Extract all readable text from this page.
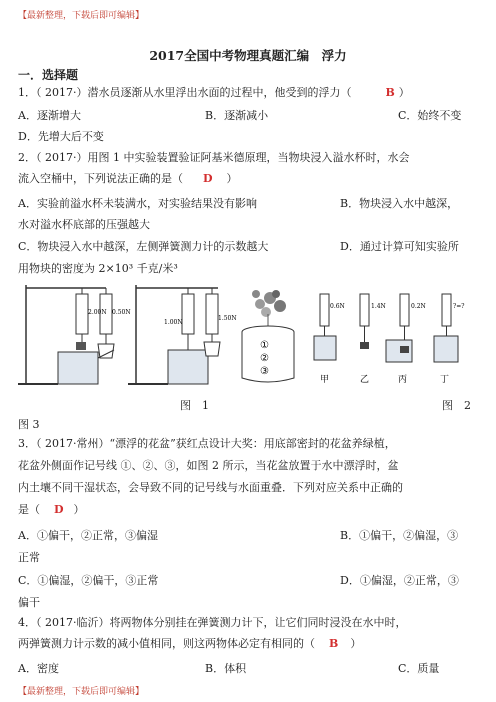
【最新整理，下载后即可编辑】
2017全国中考物理真题汇编　浮力
一．选择题
1．（ 2017·）潜水员逐渐从水里浮出水面的过程中，他受到的浮力（	B ）
A．逐渐增大	B．逐渐减小	C．始终不变
D．先增大后不变
2．（ 2017·）用图 1 中实验装置验证阿基米德原理，当物块浸入溢水杯时，水会
流入空桶中，下列说法正确的是（ D ）
A．实验前溢水杯未装满水，对实验结果没有影响	B．物块浸入水中越深，
水对溢水杯底部的压强越大
C．物块浸入水中越深，左侧弹簧测力计的示数越大	D．通过计算可知实验所
用物块的密度为 2×10³ 千克/米³
2.00N 0.50N
1.00N
1.50N
①
②
③
0.6N	1.4N	0.2N	?=?
甲	乙	丙	丁
图　1	图　2
图 3
3．（ 2017·常州）“漂浮的花盆”获红点设计大奖：用底部密封的花盆养绿植，
花盆外侧面作记号线 ①、②、③，如图 2 所示，当花盆放置于水中漂浮时，盆
内土壤不同干湿状态，会导致不同的记号线与水面重叠．下列对应关系中正确的
是（ D ）
A．①偏干，②正常，③偏湿	B．①偏干，②偏湿，③
正常
C．①偏湿，②偏干，③正常	D．①偏湿，②正常，③
偏干
4．（ 2017·临沂）将两物体分别挂在弹簧测力计下，让它们同时浸没在水中时，
两弹簧测力计示数的减小值相同，则这两物体必定有相同的（ B ）
A．密度	B．体积	C．质量
【最新整理，下载后即可编辑】
